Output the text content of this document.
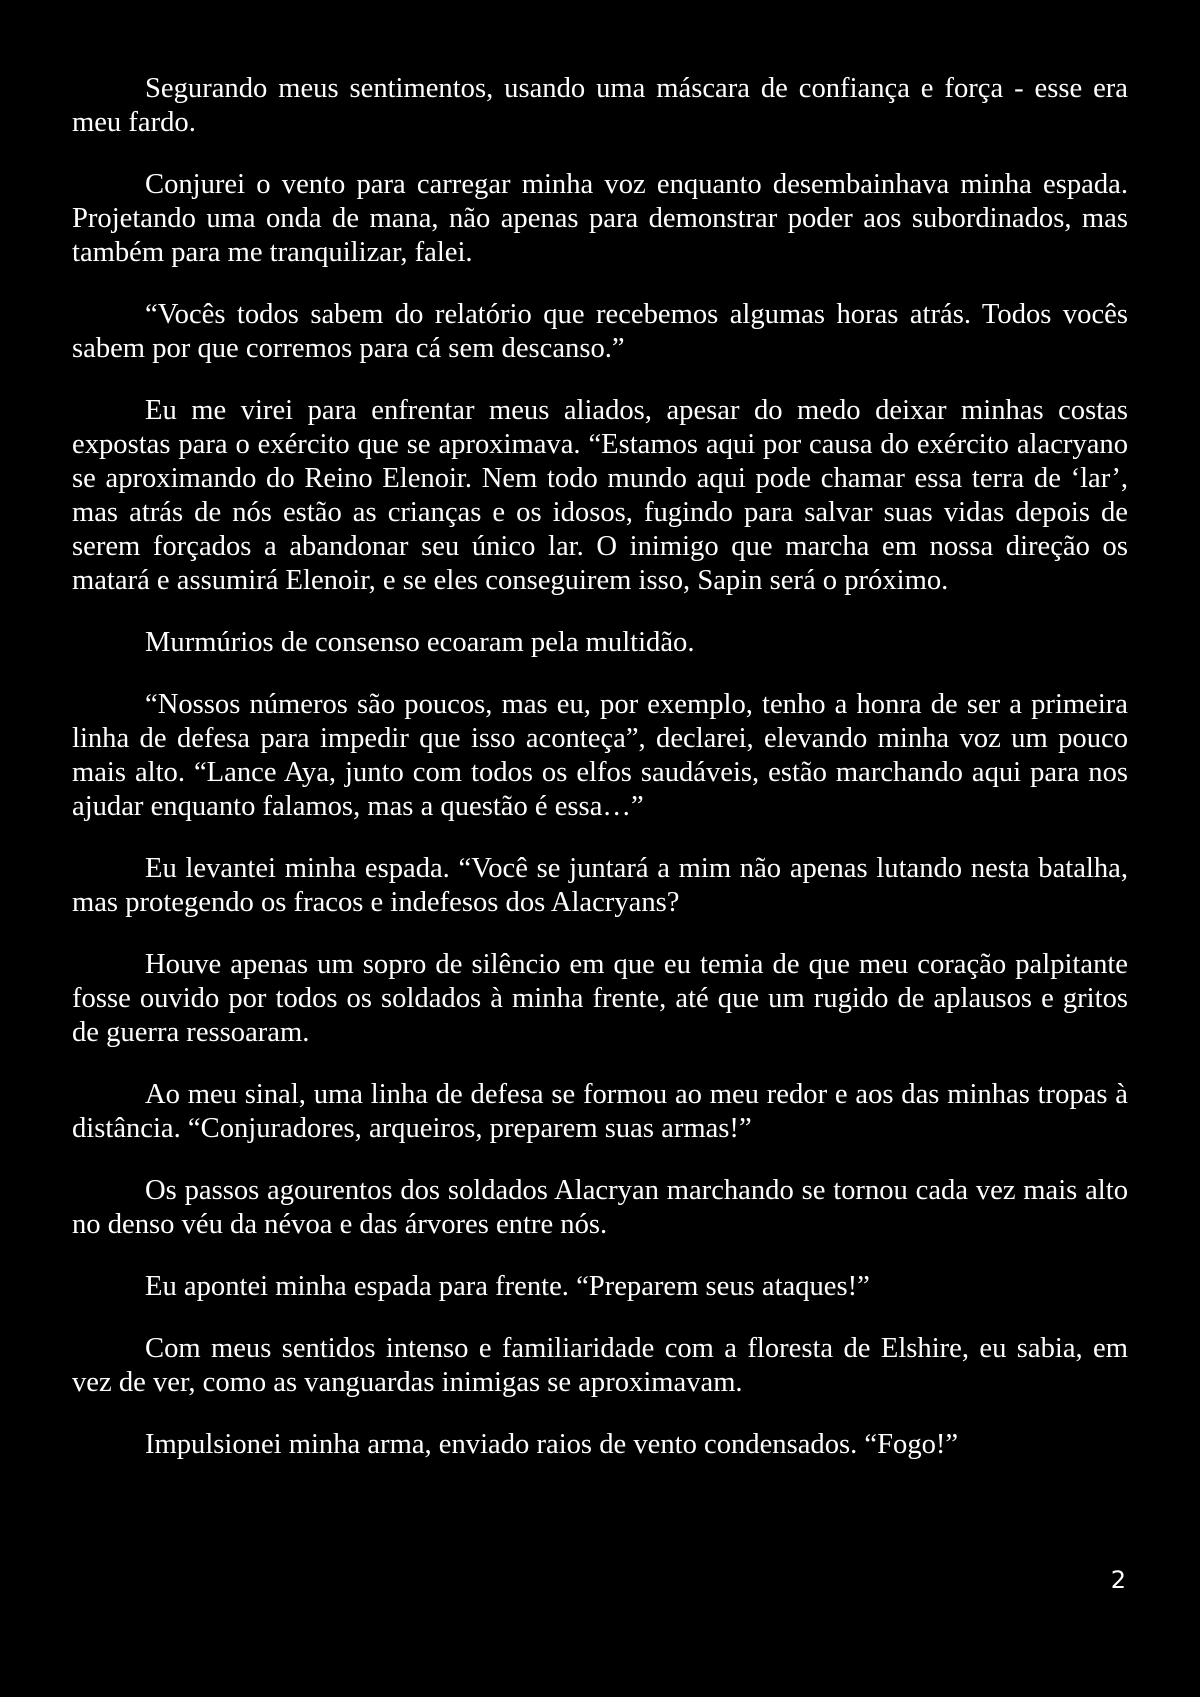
Segurando meus sentimentos, usando uma máscara de confiança e força - esse era meu fardo.

Conjurei o vento para carregar minha voz enquanto desembainhava minha espada. Projetando uma onda de mana, não apenas para demonstrar poder aos subordinados, mas também para me tranquilizar, falei.

“Vocês todos sabem do relatório que recebemos algumas horas atrás. Todos vocês sabem por que corremos para cá sem descanso.”

Eu me virei para enfrentar meus aliados, apesar do medo deixar minhas costas expostas para o exército que se aproximava. “Estamos aqui por causa do exército alacryano se aproximando do Reino Elenoir. Nem todo mundo aqui pode chamar essa terra de ‘lar’, mas atrás de nós estão as crianças e os idosos, fugindo para salvar suas vidas depois de serem forçados a abandonar seu único lar. O inimigo que marcha em nossa direção os matará e assumirá Elenoir, e se eles conseguirem isso, Sapin será o próximo.

Murmúrios de consenso ecoaram pela multidão.

“Nossos números são poucos, mas eu, por exemplo, tenho a honra de ser a primeira linha de defesa para impedir que isso aconteça”, declarei, elevando minha voz um pouco mais alto. “Lance Aya, junto com todos os elfos saudáveis, estão marchando aqui para nos ajudar enquanto falamos, mas a questão é essa…”

Eu levantei minha espada. “Você se juntará a mim não apenas lutando nesta batalha, mas protegendo os fracos e indefesos dos Alacryans?

Houve apenas um sopro de silêncio em que eu temia de que meu coração palpitante fosse ouvido por todos os soldados à minha frente, até que um rugido de aplausos e gritos de guerra ressoaram.

Ao meu sinal, uma linha de defesa se formou ao meu redor e aos das minhas tropas à distância. “Conjuradores, arqueiros, preparem suas armas!”

Os passos agourentos dos soldados Alacryan marchando se tornou cada vez mais alto no denso véu da névoa e das árvores entre nós.

Eu apontei minha espada para frente. “Preparem seus ataques!”

Com meus sentidos intenso e familiaridade com a floresta de Elshire, eu sabia, em vez de ver, como as vanguardas inimigas se aproximavam.

Impulsionei minha arma, enviado raios de vento condensados. “Fogo!”

2
